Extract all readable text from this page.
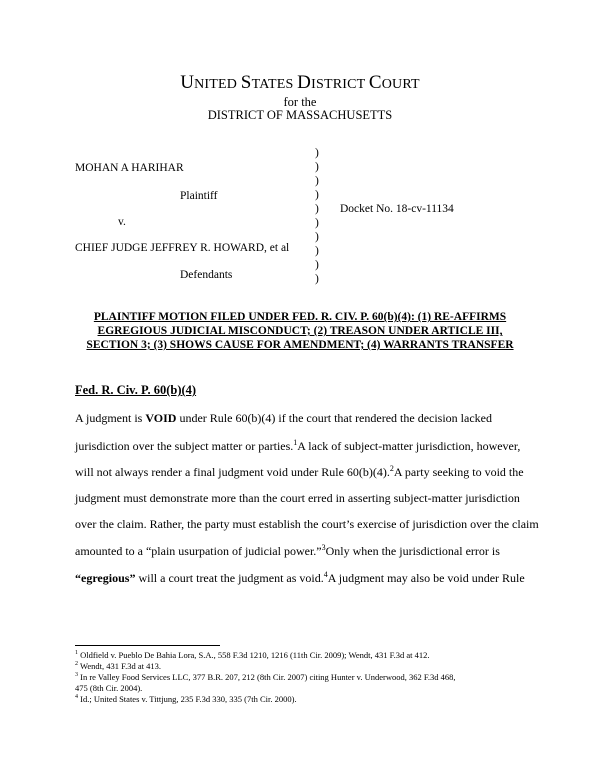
UNITED STATES DISTRICT COURT
for the
DISTRICT OF MASSACHUSETTS
MOHAN A HARIHAR
Plaintiff
v.
CHIEF JUDGE JEFFREY R. HOWARD, et al
Defendants
Docket No. 18-cv-11134
)
)
)
)
)
)
)
)
)
)
PLAINTIFF MOTION FILED UNDER FED. R. CIV. P. 60(b)(4): (1) RE-AFFIRMS
EGREGIOUS JUDICIAL MISCONDUCT; (2) TREASON UNDER ARTICLE III,
SECTION 3; (3) SHOWS CAUSE FOR AMENDMENT; (4) WARRANTS TRANSFER
Fed. R. Civ. P. 60(b)(4)
A judgment is VOID under Rule 60(b)(4) if the court that rendered the decision lacked
jurisdiction over the subject matter or parties.$^1$A lack of subject-matter jurisdiction, however,
will not always render a final judgment void under Rule 60(b)(4).$^2$A party seeking to void the
judgment must demonstrate more than the court erred in asserting subject-matter jurisdiction
over the claim. Rather, the party must establish the court’s exercise of jurisdiction over the claim
amounted to a “plain usurpation of judicial power.”$^3$Only when the jurisdictional error is
“egregious” will a court treat the judgment as void.$^4$A judgment may also be void under Rule
$^1$ Oldfield v. Pueblo De Bahia Lora, S.A., 558 F.3d 1210, 1216 (11th Cir. 2009); Wendt, 431 F.3d at 412.
$^2$ Wendt, 431 F.3d at 413.
$^3$ In re Valley Food Services LLC, 377 B.R. 207, 212 (8th Cir. 2007) citing Hunter v. Underwood, 362 F.3d 468,
475 (8th Cir. 2004).
$^4$ Id.; United States v. Tittjung, 235 F.3d 330, 335 (7th Cir. 2000).
